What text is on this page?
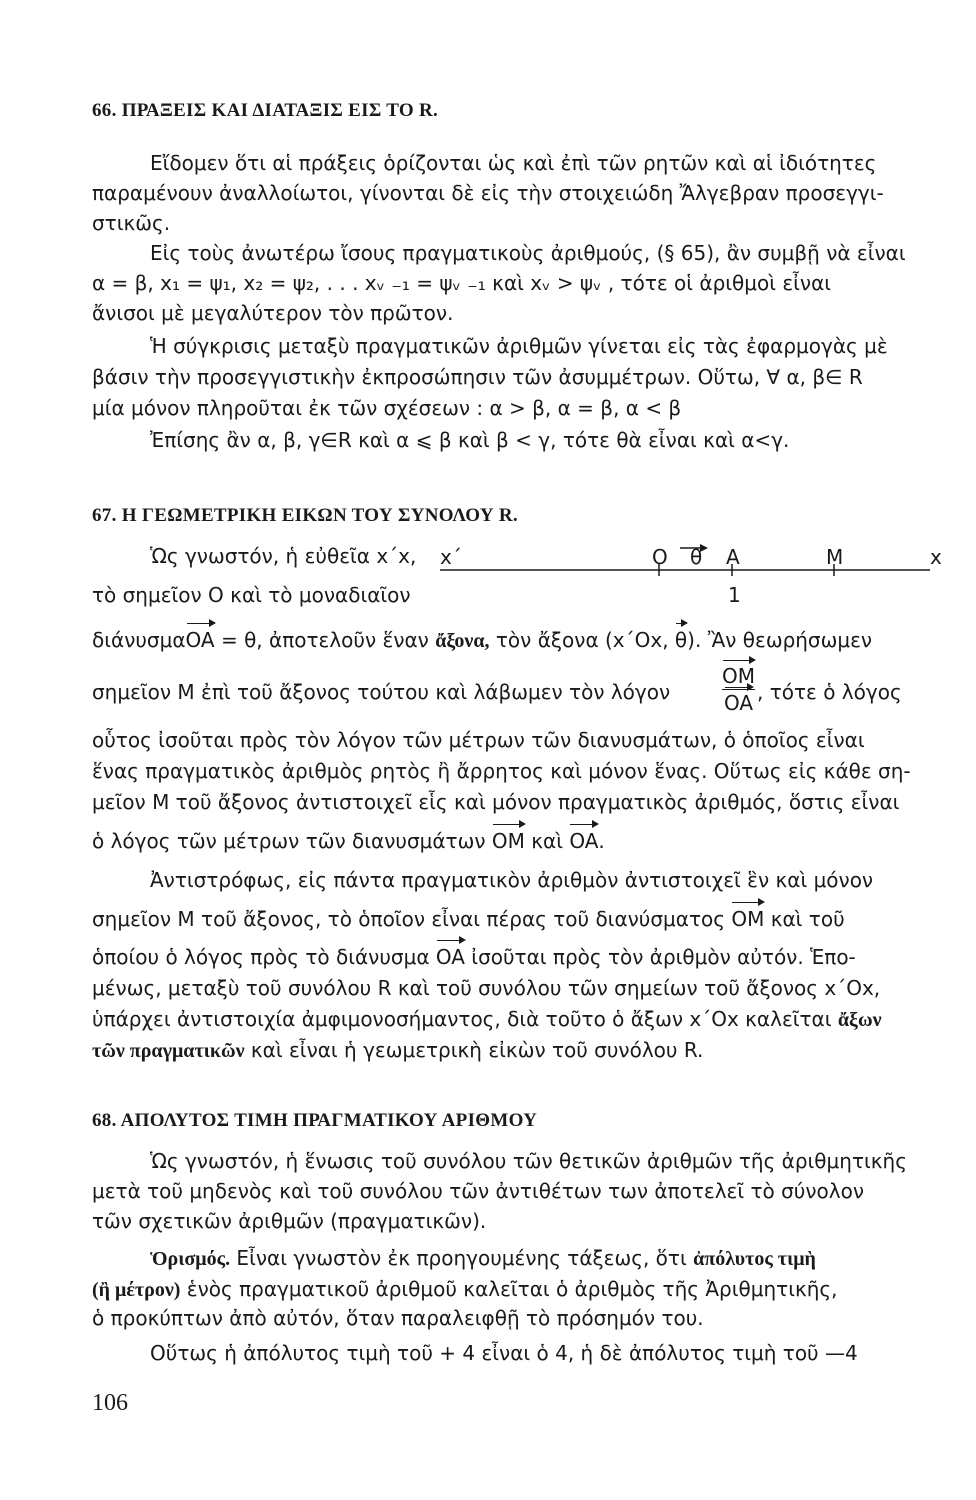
66. ΠΡΑΞΕΙΣ ΚΑΙ ΔΙΑΤΑΞΙΣ ΕΙΣ ΤΟ R.
Εἴδομεν ὅτι αἱ πράξεις ὁρίζονται ὡς καὶ ἐπὶ τῶν ρητῶν καὶ αἱ ἰδιότητες
παραμένουν ἀναλλοίωτοι, γίνονται δὲ εἰς τὴν στοιχειώδη Ἄλγεβραν προσεγγι-
στικῶς.
Εἰς τοὺς ἀνωτέρω ἴσους πραγματικοὺς ἀριθμούς, (§ 65), ἂν συμβῇ νὰ εἶναι
α = β, x₁ = ψ₁, x₂ = ψ₂, . . . xᵥ ₋₁ = ψᵥ ₋₁ καὶ xᵥ > ψᵥ , τότε οἱ ἀριθμοὶ εἶναι
ἄνισοι μὲ μεγαλύτερον τὸν πρῶτον.
Ἡ σύγκρισις μεταξὺ πραγματικῶν ἀριθμῶν γίνεται εἰς τὰς ἐφαρμογὰς μὲ
βάσιν τὴν προσεγγιστικὴν ἐκπροσώπησιν τῶν ἀσυμμέτρων. Οὕτω, ∀ α, β∈ R
μία μόνον πληροῦται ἐκ τῶν σχέσεων : α > β, α = β, α < β
Ἐπίσης ἂν α, β, γ∈R καὶ α ⩽ β καὶ β < γ, τότε θὰ εἶναι καὶ α<γ.
67. Η ΓΕΩΜΕΤΡΙΚΗ ΕΙΚΩΝ ΤΟΥ ΣΥΝΟΛΟΥ R.
Ὡς γνωστόν, ἡ εὐθεῖα x΄x, x΄	O θ A	M	x
1
τὸ σημεῖον O καὶ τὸ μοναδιαῖον
διάνυσμαOA = θ, ἀποτελοῦν ἕναν ἄξονα, τὸν ἄξονα (x΄Ox, θ). Ἂν θεωρήσωμεν
σημεῖον M ἐπὶ τοῦ ἄξονος τούτου καὶ λάβωμεν τὸν λόγον
OM
OA , τότε ὁ λόγος
οὗτος ἰσοῦται πρὸς τὸν λόγον τῶν μέτρων τῶν διανυσμάτων, ὁ ὁποῖος εἶναι
ἕνας πραγματικὸς ἀριθμὸς ρητὸς ἢ ἄρρητος καὶ μόνον ἕνας. Οὕτως εἰς κάθε ση-
μεῖον M τοῦ ἄξονος ἀντιστοιχεῖ εἷς καὶ μόνον πραγματικὸς ἀριθμός, ὅστις εἶναι
ὁ λόγος τῶν μέτρων τῶν διανυσμάτων OM καὶ OA.
Ἀντιστρόφως, εἰς πάντα πραγματικὸν ἀριθμὸν ἀντιστοιχεῖ ἓν καὶ μόνον
σημεῖον M τοῦ ἄξονος, τὸ ὁποῖον εἶναι πέρας τοῦ διανύσματος OM καὶ τοῦ
ὁποίου ὁ λόγος πρὸς τὸ διάνυσμα OA ἰσοῦται πρὸς τὸν ἀριθμὸν αὐτόν. Ἑπο-
μένως, μεταξὺ τοῦ συνόλου R καὶ τοῦ συνόλου τῶν σημείων τοῦ ἄξονος x΄Ox,
ὑπάρχει ἀντιστοιχία ἀμφιμονοσήμαντος, διὰ τοῦτο ὁ ἄξων x΄Ox καλεῖται ἄξων
τῶν πραγματικῶν καὶ εἶναι ἡ γεωμετρικὴ εἰκὼν τοῦ συνόλου R.
68. ΑΠΟΛΥΤΟΣ ΤΙΜΗ ΠΡΑΓΜΑΤΙΚΟΥ ΑΡΙΘΜΟΥ
Ὡς γνωστόν, ἡ ἕνωσις τοῦ συνόλου τῶν θετικῶν ἀριθμῶν τῆς ἀριθμητικῆς
μετὰ τοῦ μηδενὸς καὶ τοῦ συνόλου τῶν ἀντιθέτων των ἀποτελεῖ τὸ σύνολον
τῶν σχετικῶν ἀριθμῶν (πραγματικῶν).
Ὁρισμός. Εἶναι γνωστὸν ἐκ προηγουμένης τάξεως, ὅτι ἀπόλυτος τιμὴ
(ἢ μέτρον) ἑνὸς πραγματικοῦ ἀριθμοῦ καλεῖται ὁ ἀριθμὸς τῆς Ἀριθμητικῆς,
ὁ προκύπτων ἀπὸ αὐτόν, ὅταν παραλειφθῇ τὸ πρόσημόν του.
Οὕτως ἡ ἀπόλυτος τιμὴ τοῦ + 4 εἶναι ὁ 4, ἡ δὲ ἀπόλυτος τιμὴ τοῦ —4
106
